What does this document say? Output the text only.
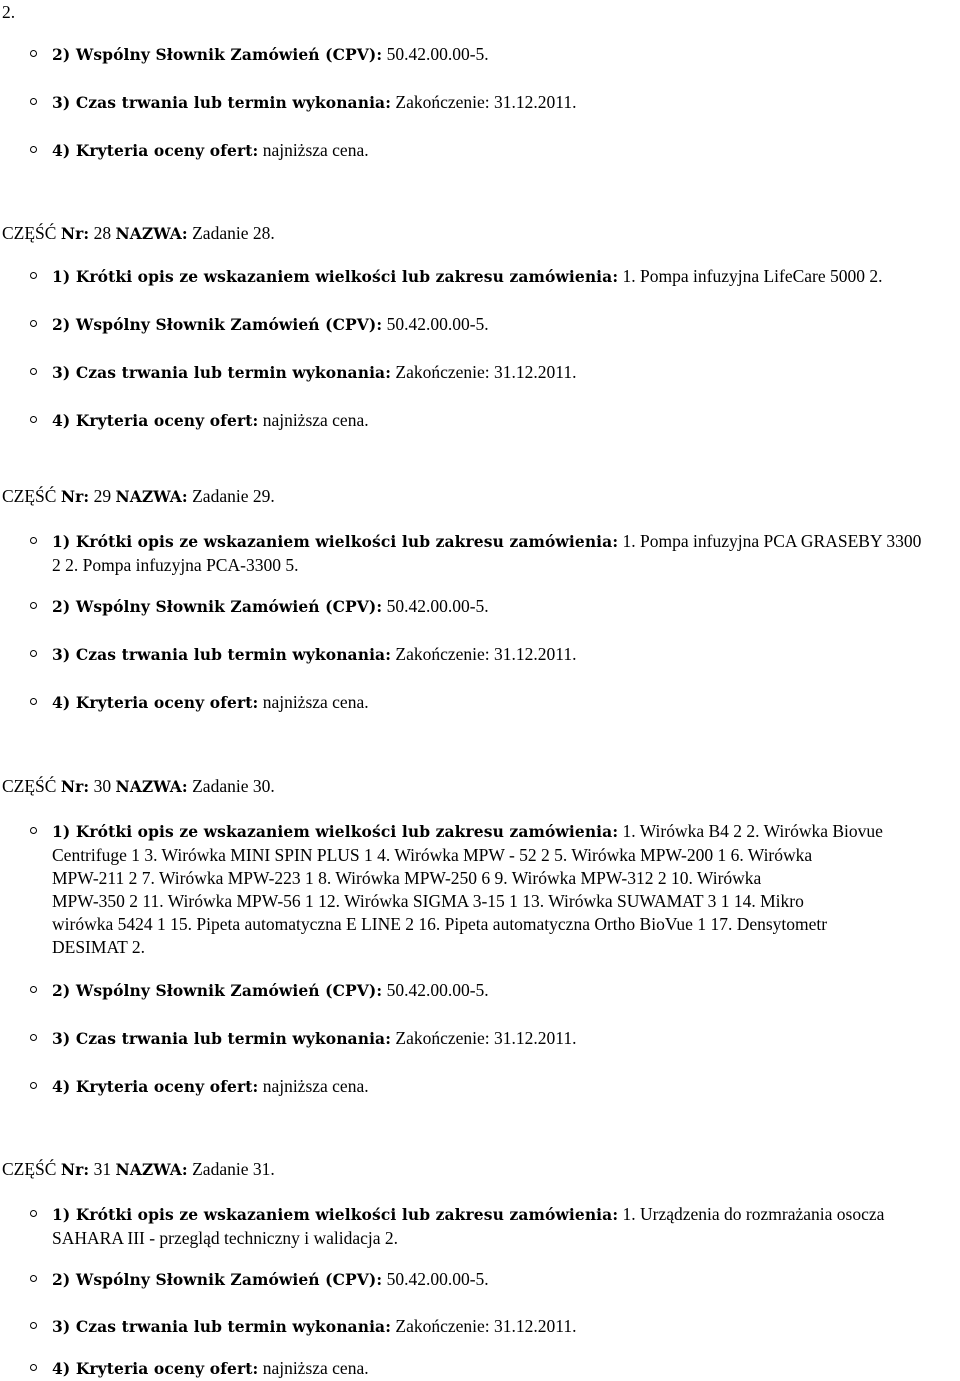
2.

2) Wspólny Słownik Zamówień (CPV): 50.42.00.00-5.

3) Czas trwania lub termin wykonania: Zakończenie: 31.12.2011.

4) Kryteria oceny ofert: najniższa cena.

CZĘŚĆ Nr: 28 NAZWA: Zadanie 28.

1) Krótki opis ze wskazaniem wielkości lub zakresu zamówienia: 1. Pompa infuzyjna LifeCare 5000 2.

2) Wspólny Słownik Zamówień (CPV): 50.42.00.00-5.

3) Czas trwania lub termin wykonania: Zakończenie: 31.12.2011.

4) Kryteria oceny ofert: najniższa cena.

CZĘŚĆ Nr: 29 NAZWA: Zadanie 29.

1) Krótki opis ze wskazaniem wielkości lub zakresu zamówienia: 1. Pompa infuzyjna PCA GRASEBY 3300

2 2. Pompa infuzyjna PCA-3300 5.

2) Wspólny Słownik Zamówień (CPV): 50.42.00.00-5.

3) Czas trwania lub termin wykonania: Zakończenie: 31.12.2011.

4) Kryteria oceny ofert: najniższa cena.

CZĘŚĆ Nr: 30 NAZWA: Zadanie 30.

1) Krótki opis ze wskazaniem wielkości lub zakresu zamówienia: 1. Wirówka B4 2 2. Wirówka Biovue

Centrifuge 1 3. Wirówka MINI SPIN PLUS 1 4. Wirówka MPW - 52 2 5. Wirówka MPW-200 1 6. Wirówka

MPW-211 2 7. Wirówka MPW-223 1 8. Wirówka MPW-250 6 9. Wirówka MPW-312 2 10. Wirówka

MPW-350 2 11. Wirówka MPW-56 1 12. Wirówka SIGMA 3-15 1 13. Wirówka SUWAMAT 3 1 14. Mikro

wirówka 5424 1 15. Pipeta automatyczna E LINE 2 16. Pipeta automatyczna Ortho BioVue 1 17. Densytometr

DESIMAT 2.

2) Wspólny Słownik Zamówień (CPV): 50.42.00.00-5.

3) Czas trwania lub termin wykonania: Zakończenie: 31.12.2011.

4) Kryteria oceny ofert: najniższa cena.

CZĘŚĆ Nr: 31 NAZWA: Zadanie 31.

1) Krótki opis ze wskazaniem wielkości lub zakresu zamówienia: 1. Urządzenia do rozmrażania osocza

SAHARA III - przegląd techniczny i walidacja 2.

2) Wspólny Słownik Zamówień (CPV): 50.42.00.00-5.

3) Czas trwania lub termin wykonania: Zakończenie: 31.12.2011.

4) Kryteria oceny ofert: najniższa cena.
